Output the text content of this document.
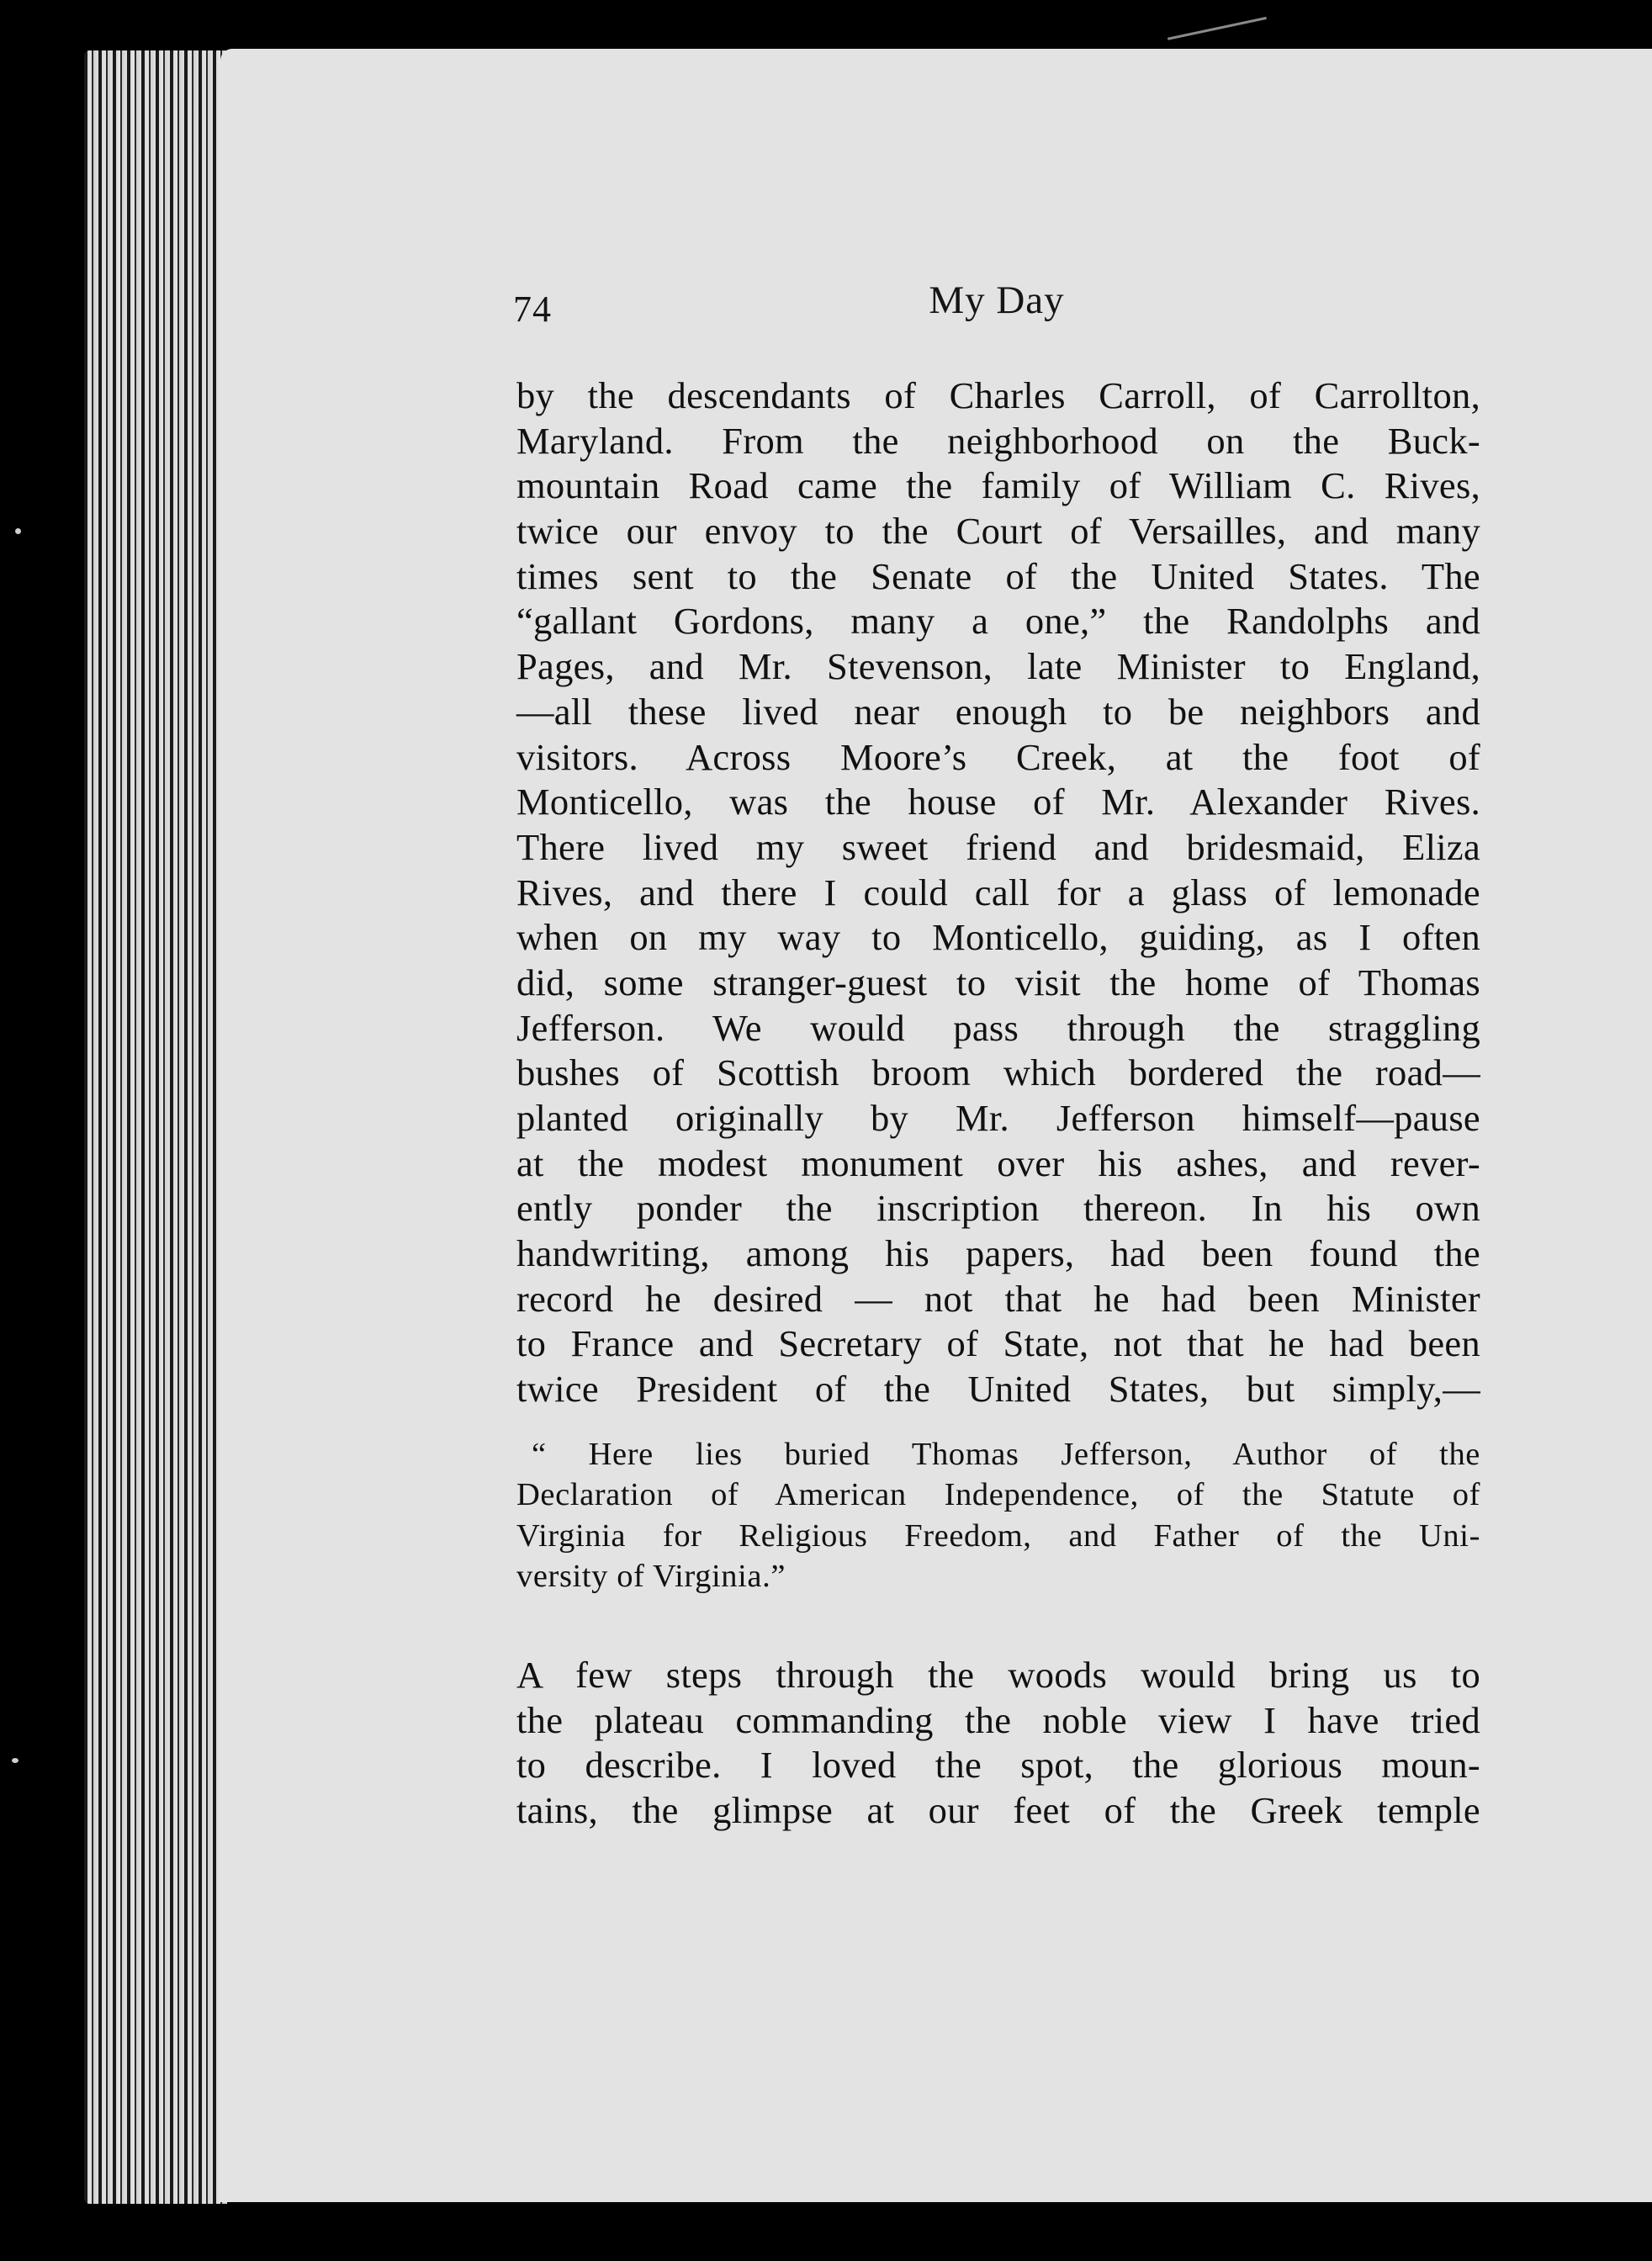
74	My Day
by the descendants of Charles Carroll, of Carrollton,
Maryland. From the neighborhood on the Buck-
mountain Road came the family of William C. Rives,
twice our envoy to the Court of Versailles, and many
times sent to the Senate of the United States. The
“gallant Gordons, many a one,” the Randolphs and
Pages, and Mr. Stevenson, late Minister to England,
—all these lived near enough to be neighbors and
visitors. Across Moore’s Creek, at the foot of
Monticello, was the house of Mr. Alexander Rives.
There lived my sweet friend and bridesmaid, Eliza
Rives, and there I could call for a glass of lemonade
when on my way to Monticello, guiding, as I often
did, some stranger-guest to visit the home of Thomas
Jefferson. We would pass through the straggling
bushes of Scottish broom which bordered the road—
planted originally by Mr. Jefferson himself—pause
at the modest monument over his ashes, and rever-
ently ponder the inscription thereon. In his own
handwriting, among his papers, had been found the
record he desired — not that he had been Minister
to France and Secretary of State, not that he had been
twice President of the United States, but simply,—
“ Here lies buried Thomas Jefferson, Author of the
Declaration of American Independence, of the Statute of
Virginia for Religious Freedom, and Father of the Uni-
versity of Virginia.”
A few steps through the woods would bring us to
the plateau commanding the noble view I have tried
to describe. I loved the spot, the glorious moun-
tains, the glimpse at our feet of the Greek temple
